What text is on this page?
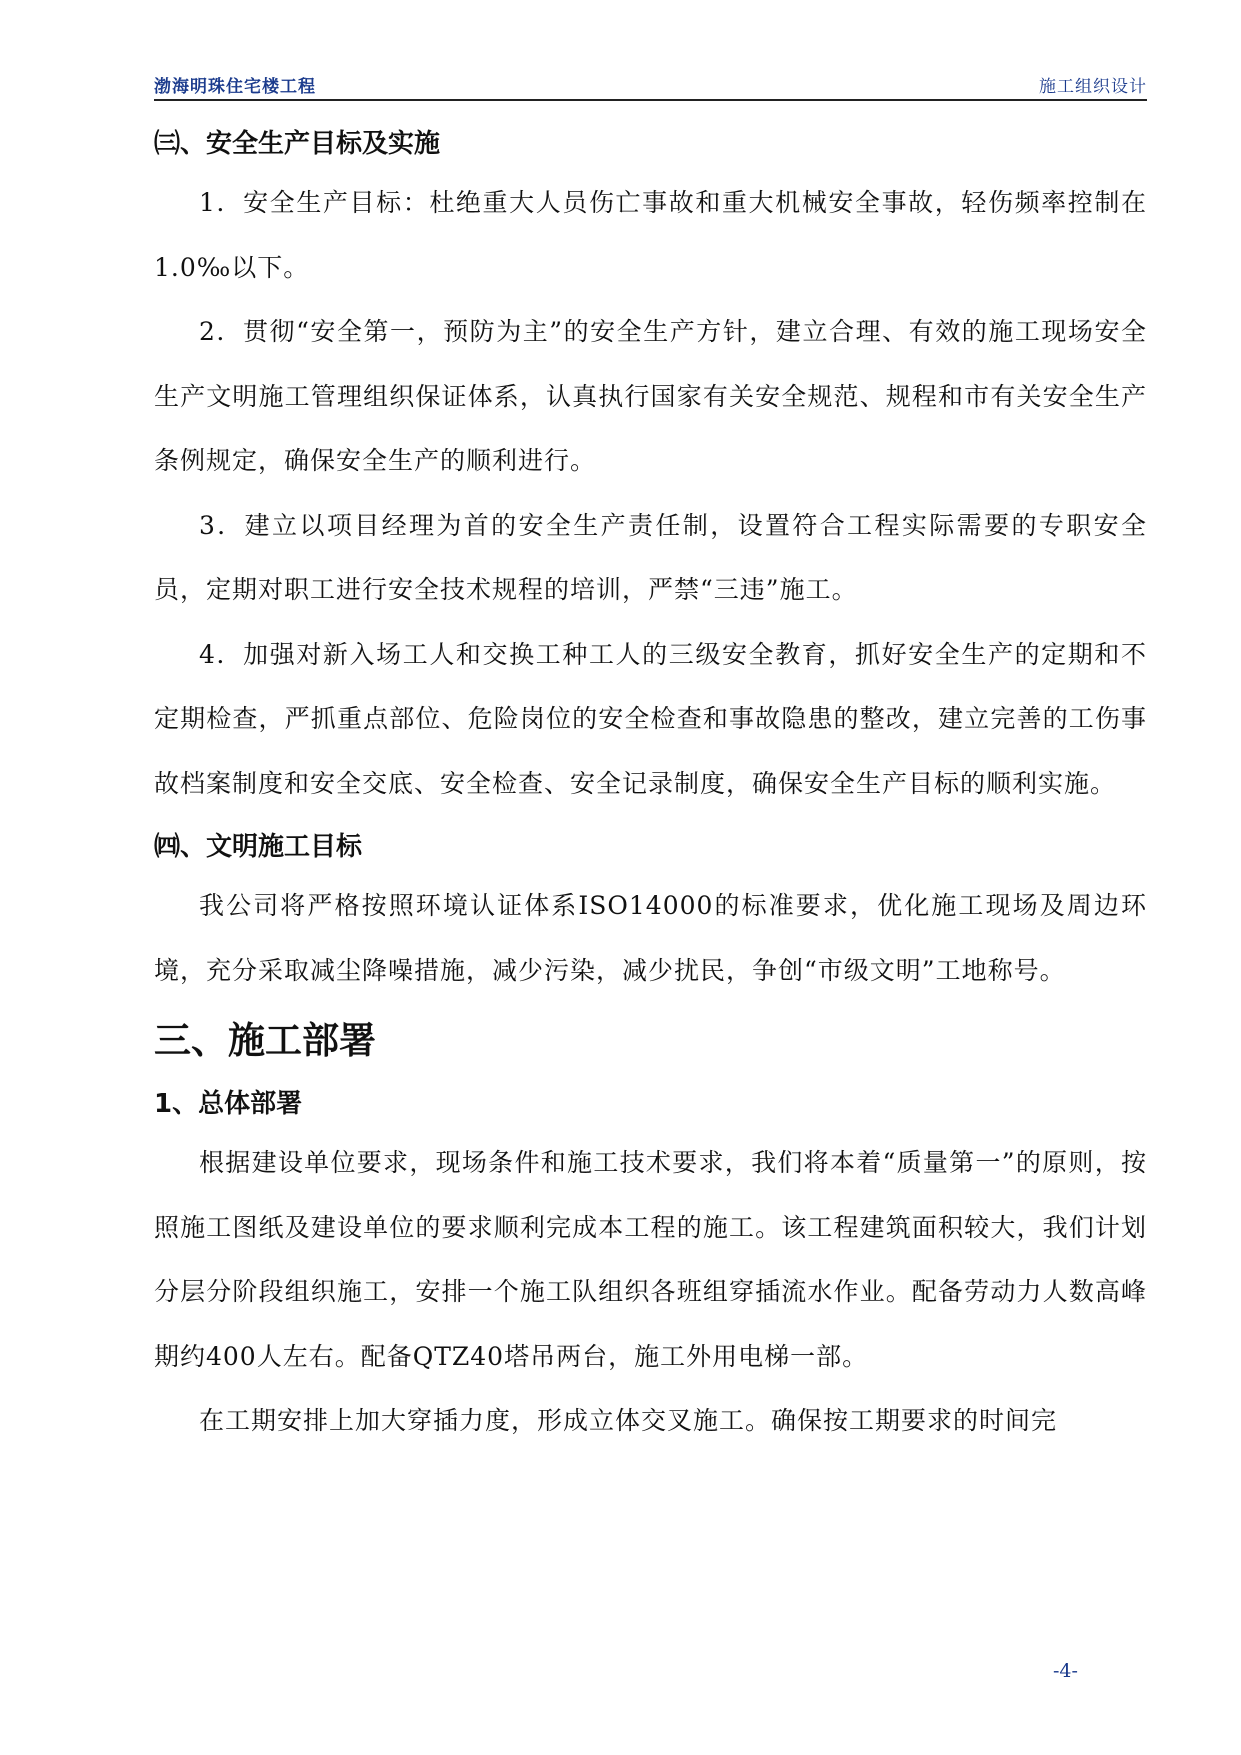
渤海明珠住宅楼工程	施工组织设计
㈢、安全生产目标及实施

1．安全生产目标：杜绝重大人员伤亡事故和重大机械安全事故，轻伤频率控制在1.0‰以下。

2．贯彻“安全第一，预防为主”的安全生产方针，建立合理、有效的施工现场安全生产文明施工管理组织保证体系，认真执行国家有关安全规范、规程和市有关安全生产条例规定，确保安全生产的顺利进行。

3．建立以项目经理为首的安全生产责任制，设置符合工程实际需要的专职安全员，定期对职工进行安全技术规程的培训，严禁“三违”施工。

4．加强对新入场工人和交换工种工人的三级安全教育，抓好安全生产的定期和不定期检查，严抓重点部位、危险岗位的安全检查和事故隐患的整改，建立完善的工伤事故档案制度和安全交底、安全检查、安全记录制度，确保安全生产目标的顺利实施。

㈣、文明施工目标

我公司将严格按照环境认证体系ISO14000的标准要求，优化施工现场及周边环境，充分采取减尘降噪措施，减少污染，减少扰民，争创“市级文明”工地称号。

三、施工部署
1、总体部署

根据建设单位要求，现场条件和施工技术要求，我们将本着“质量第一”的原则，按照施工图纸及建设单位的要求顺利完成本工程的施工。该工程建筑面积较大，我们计划分层分阶段组织施工，安排一个施工队组织各班组穿插流水作业。配备劳动力人数高峰期约400人左右。配备QTZ40塔吊两台，施工外用电梯一部。

在工期安排上加大穿插力度，形成立体交叉施工。确保按工期要求的时间完

-4-
